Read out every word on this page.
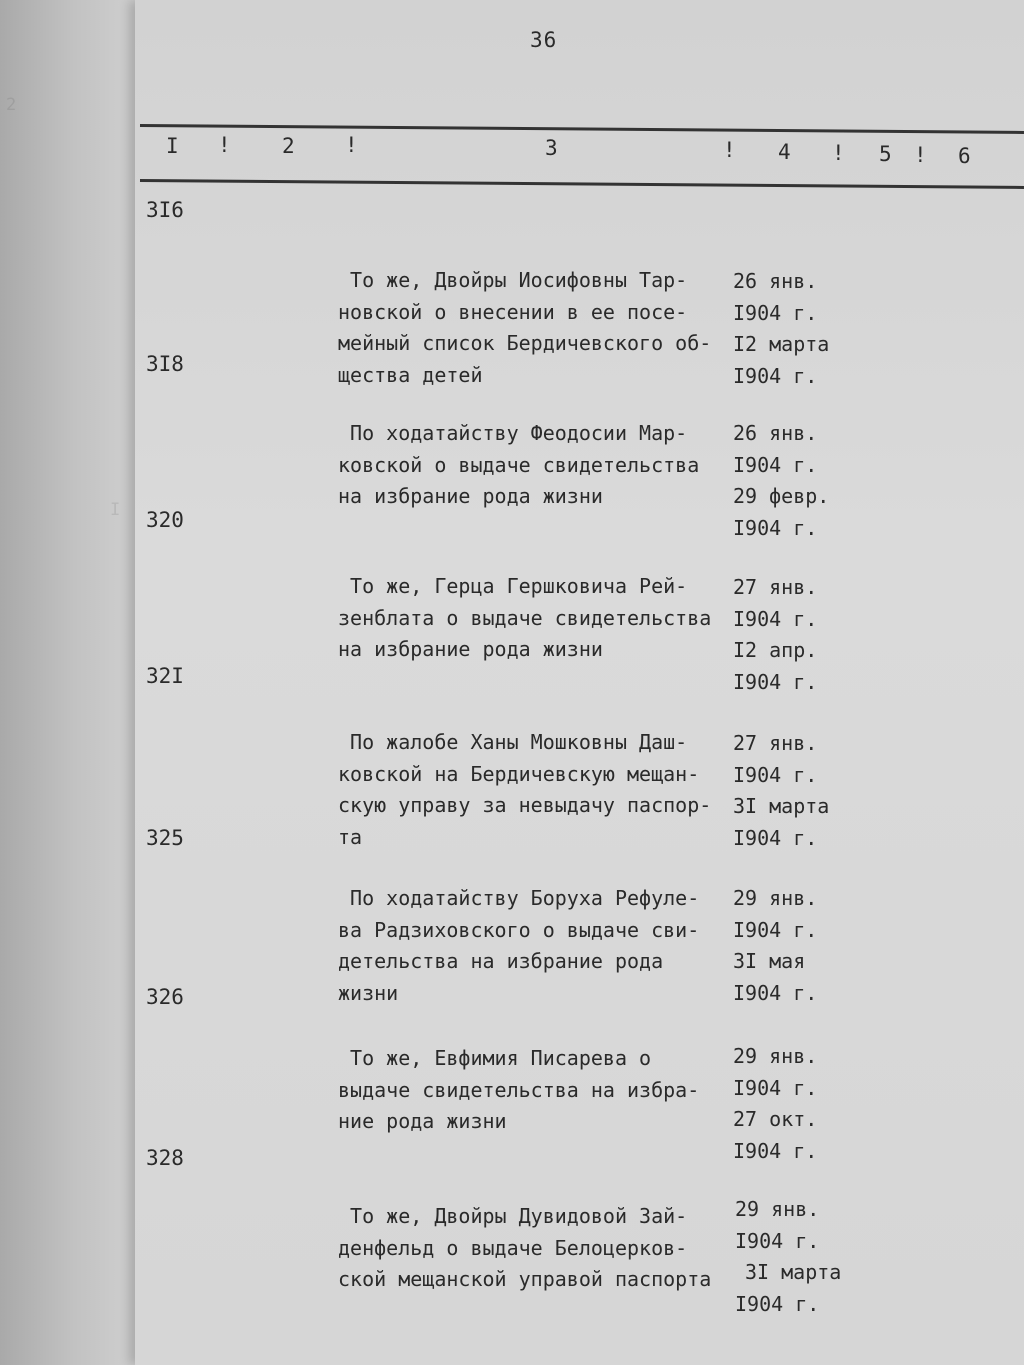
36
I ! 2 !	3	! 4 ! 5 ! 6
2
I
3I6

То же, Двойры Иосифовны Тар-
новской о внесении в ее посе-
мейный список Бердичевского об-
щества детей

26 янв.
I904 г.
I2 марта
I904 г.

3I8

По ходатайству Феодосии Мар-
ковской о выдаче свидетельства
на избрание рода жизни

26 янв.
I904 г.
29 февр.
I904 г.

320

То же, Герца Гершковича Рей-
зенблата о выдаче свидетельства
на избрание рода жизни

27 янв.
I904 г.
I2 апр.
I904 г.

32I

По жалобе Ханы Мошковны Даш-
ковской на Бердичевскую мещан-
скую управу за невыдачу паспор-
та

27 янв.
I904 г.
3I марта
I904 г.

325

По ходатайству Боруха Рефуле-
ва Радзиховского о выдаче сви-
детельства на избрание рода
жизни

29 янв.
I904 г.
3I мая
I904 г.

326

То же, Евфимия Писарева о
выдаче свидетельства на избра-
ние рода жизни

29 янв.
I904 г.
27 окт.
I904 г.

328

То же, Двойры Дувидовой Зай-
денфельд о выдаче Белоцерков-
ской мещанской управой паспорта

29 янв.
I904 г.
3I марта
I904 г.
